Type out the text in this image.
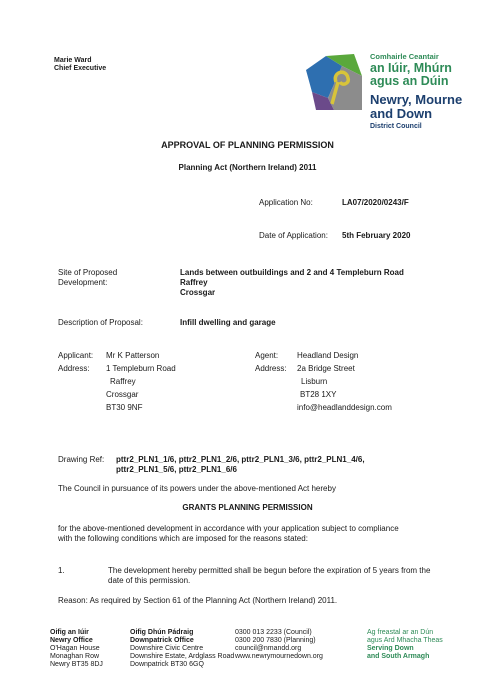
Marie Ward
Chief Executive
Comhairle Ceantair
an Iúir, Mhúrn
agus an Dúin
Newry, Mourne
and Down
District Council
APPROVAL OF PLANNING PERMISSION
Planning Act (Northern Ireland) 2011
Application No:	LA07/2020/0243/F
Date of Application: 5th February 2020
Site of Proposed
Development:
Lands between outbuildings and 2 and 4 Templeburn Road
Raffrey
Crossgar
Description of Proposal:	Infill dwelling and garage
Applicant: Mr K Patterson
Address: 1 Templeburn Road
Raffrey
Crossgar
BT30 9NF
Agent: Headland Design
Address: 2a Bridge Street
Lisburn
BT28 1XY
info@headlanddesign.com
Drawing Ref: pttr2_PLN1_1/6, pttr2_PLN1_2/6, pttr2_PLN1_3/6, pttr2_PLN1_4/6,
pttr2_PLN1_5/6, pttr2_PLN1_6/6
The Council in pursuance of its powers under the above-mentioned Act hereby
GRANTS PLANNING PERMISSION
for the above-mentioned development in accordance with your application subject to compliance
with the following conditions which are imposed for the reasons stated:
1.	The development hereby permitted shall be begun before the expiration of 5 years from the
date of this permission.
Reason: As required by Section 61 of the Planning Act (Northern Ireland) 2011.
Oifig an Iúir
Newry Office
O'Hagan House
Monaghan Row
Newry BT35 8DJ
Oifig Dhún Pádraig
Downpatrick Office
Downshire Civic Centre
Downshire Estate, Ardglass Road
Downpatrick BT30 6GQ
0300 013 2233 (Council)
0300 200 7830 (Planning)
council@nmandd.org
www.newrymournedown.org
Ag freastal ar an Dún
agus Ard Mhacha Theas
Serving Down
and South Armagh
